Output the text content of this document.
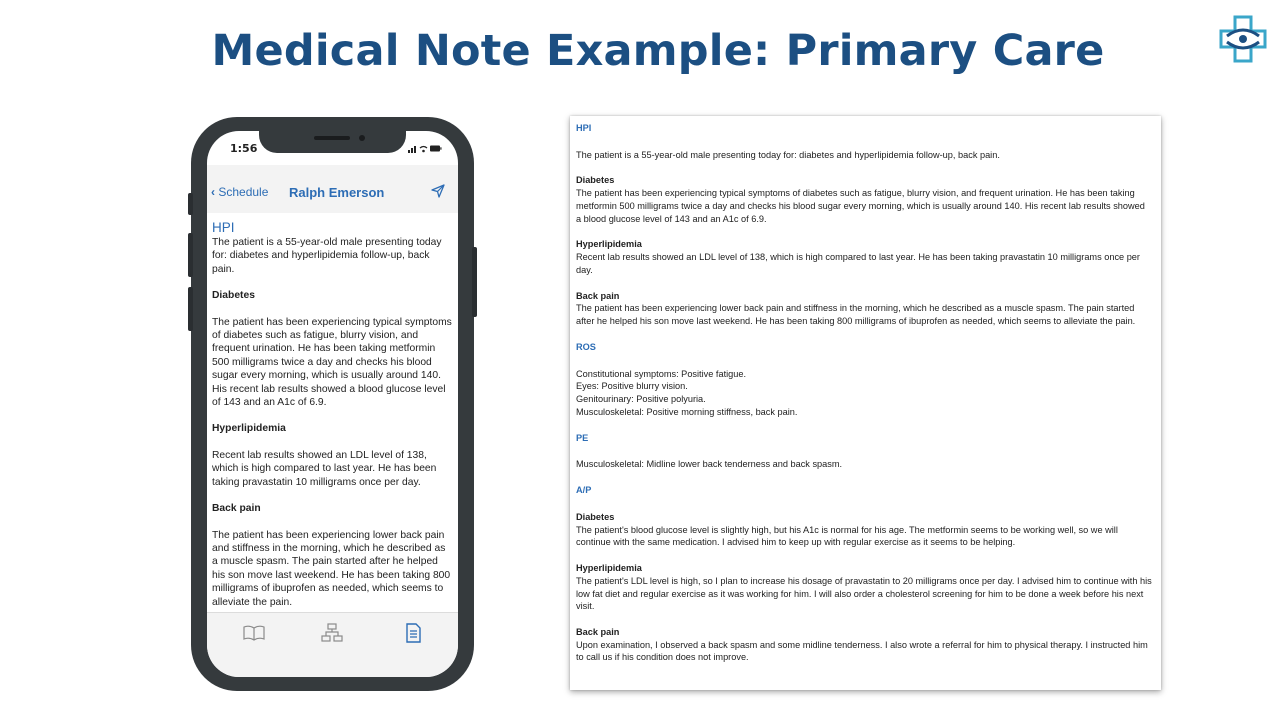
Medical Note Example: Primary Care
1:56
‹ Schedule Ralph Emerson

HPI

The patient is a 55-year-old male presenting today for: diabetes and hyperlipidemia follow-up, back pain.

Diabetes

The patient has been experiencing typical symptoms of diabetes such as fatigue, blurry vision, and frequent urination. He has been taking metformin 500 milligrams twice a day and checks his blood sugar every morning, which is usually around 140. His recent lab results showed a blood glucose level of 143 and an A1c of 6.9.

Hyperlipidemia

Recent lab results showed an LDL level of 138, which is high compared to last year. He has been taking pravastatin 10 milligrams once per day.

Back pain

The patient has been experiencing lower back pain and stiffness in the morning, which he described as a muscle spasm. The pain started after he helped his son move last weekend. He has been taking 800 milligrams of ibuprofen as needed, which seems to alleviate the pain.

HPI

The patient is a 55-year-old male presenting today for: diabetes and hyperlipidemia follow-up, back pain.

Diabetes

The patient has been experiencing typical symptoms of diabetes such as fatigue, blurry vision, and frequent urination. He has been taking metformin 500 milligrams twice a day and checks his blood sugar every morning, which is usually around 140. His recent lab results showed a blood glucose level of 143 and an A1c of 6.9.

Hyperlipidemia

Recent lab results showed an LDL level of 138, which is high compared to last year. He has been taking pravastatin 10 milligrams once per day.

Back pain

The patient has been experiencing lower back pain and stiffness in the morning, which he described as a muscle spasm. The pain started after he helped his son move last weekend. He has been taking 800 milligrams of ibuprofen as needed, which seems to alleviate the pain.

ROS

Constitutional symptoms: Positive fatigue.

Eyes: Positive blurry vision.

Genitourinary: Positive polyuria.

Musculoskeletal: Positive morning stiffness, back pain.

PE

Musculoskeletal: Midline lower back tenderness and back spasm.

A/P

Diabetes

The patient's blood glucose level is slightly high, but his A1c is normal for his age. The metformin seems to be working well, so we will continue with the same medication. I advised him to keep up with regular exercise as it seems to be helping.

Hyperlipidemia

The patient's LDL level is high, so I plan to increase his dosage of pravastatin to 20 milligrams once per day. I advised him to continue with his low fat diet and regular exercise as it was working for him. I will also order a cholesterol screening for him to be done a week before his next visit.

Back pain

Upon examination, I observed a back spasm and some midline tenderness. I also wrote a referral for him to physical therapy. I instructed him to call us if his condition does not improve.
